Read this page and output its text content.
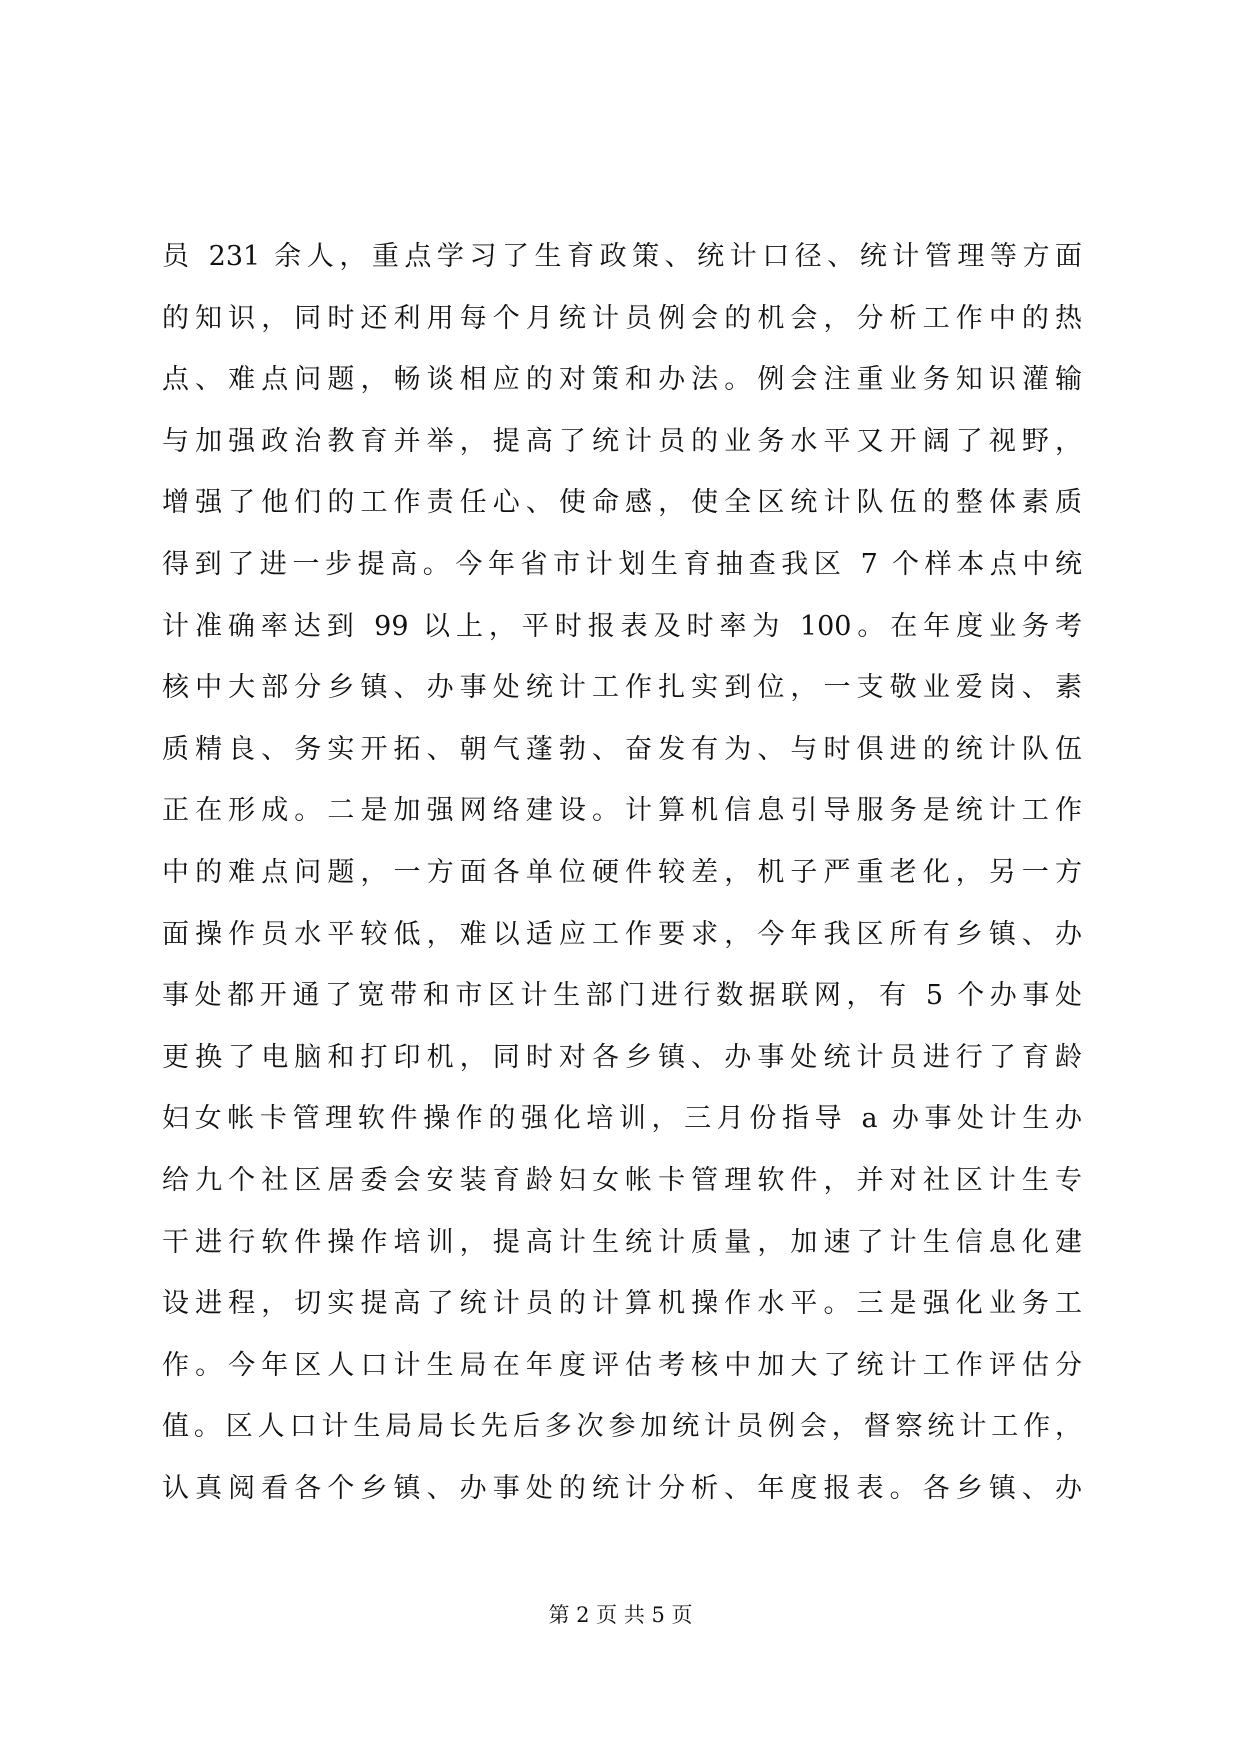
员 231 余人，重点学习了生育政策、统计口径、统计管理等方面
的知识，同时还利用每个月统计员例会的机会，分析工作中的热
点、难点问题，畅谈相应的对策和办法。例会注重业务知识灌输
与加强政治教育并举，提高了统计员的业务水平又开阔了视野，
增强了他们的工作责任心、使命感，使全区统计队伍的整体素质
得到了进一步提高。今年省市计划生育抽查我区 7 个样本点中统
计准确率达到 99 以上，平时报表及时率为 100。在年度业务考
核中大部分乡镇、办事处统计工作扎实到位，一支敬业爱岗、素
质精良、务实开拓、朝气蓬勃、奋发有为、与时俱进的统计队伍
正在形成。二是加强网络建设。计算机信息引导服务是统计工作
中的难点问题，一方面各单位硬件较差，机子严重老化，另一方
面操作员水平较低，难以适应工作要求，今年我区所有乡镇、办
事处都开通了宽带和市区计生部门进行数据联网，有 5 个办事处
更换了电脑和打印机，同时对各乡镇、办事处统计员进行了育龄
妇女帐卡管理软件操作的强化培训，三月份指导 a 办事处计生办
给九个社区居委会安装育龄妇女帐卡管理软件，并对社区计生专
干进行软件操作培训，提高计生统计质量，加速了计生信息化建
设进程，切实提高了统计员的计算机操作水平。三是强化业务工
作。今年区人口计生局在年度评估考核中加大了统计工作评估分
值。区人口计生局局长先后多次参加统计员例会，督察统计工作，
认真阅看各个乡镇、办事处的统计分析、年度报表。各乡镇、办
第 2 页 共 5 页
